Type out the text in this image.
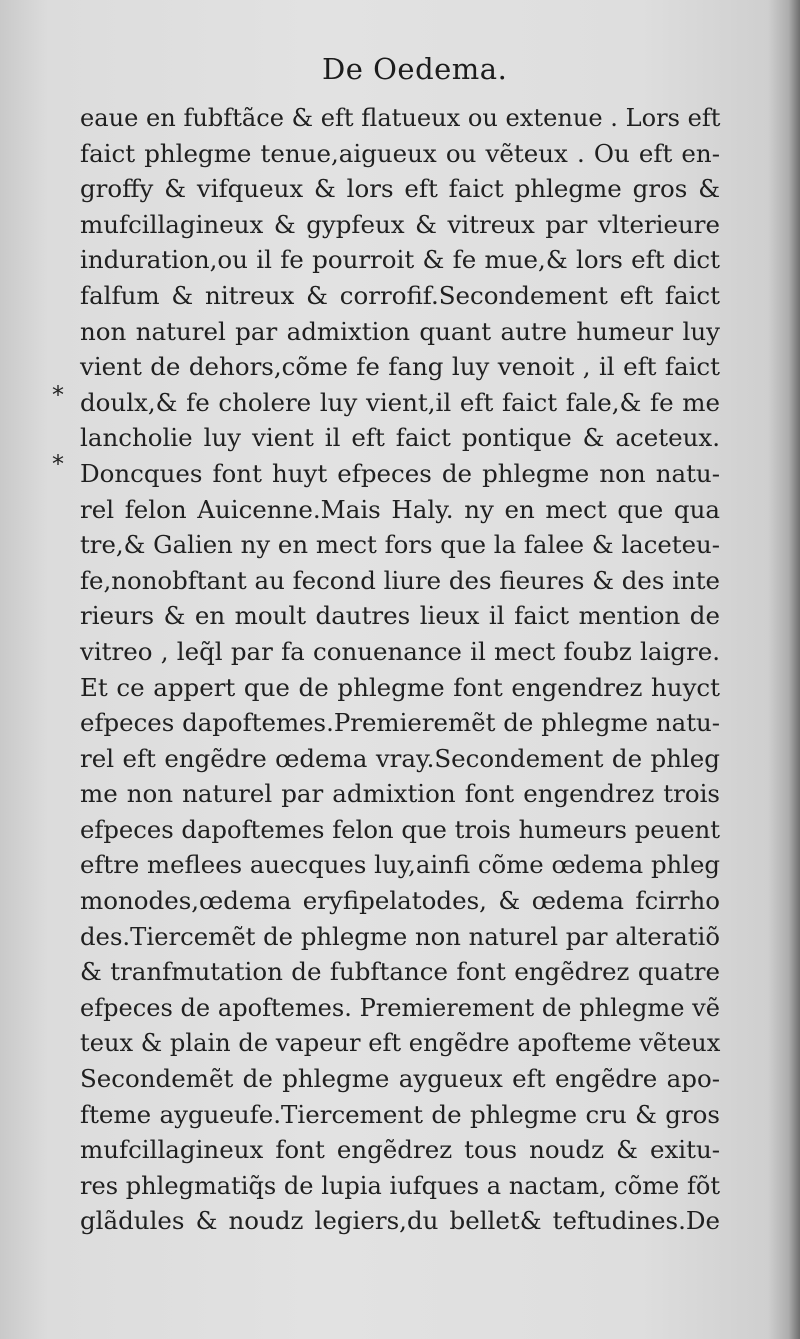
De Oedema.
*
*
eaue en fubftãce & eft flatueux ou extenue . Lors eft
faict phlegme tenue,aigueux ou vẽteux . Ou eft en-
groffy & vifqueux & lors eft faict phlegme gros &
mufcillagineux & gypfeux & vitreux par vlterieure
induration,ou il fe pourroit & fe mue,& lors eft dict
falfum & nitreux & corrofif.Secondement eft faict
non naturel par admixtion quant autre humeur luy
vient de dehors,cõme fe fang luy venoit , il eft faict
doulx,& fe cholere luy vient,il eft faict fale,& fe me
lancholie luy vient il eft faict pontique & aceteux.
Doncques font huyt efpeces de phlegme non natu-
rel felon Auicenne.Mais Haly. ny en mect que qua
tre,& Galien ny en mect fors que la falee & laceteu-
fe,nonobftant au fecond liure des fieures & des inte
rieurs & en moult dautres lieux il faict mention de
vitreo , leq̃l par fa conuenance il mect foubz laigre.
Et ce appert que de phlegme font engendrez huyct
efpeces dapoftemes.Premieremẽt de phlegme natu-
rel eft engẽdre œdema vray.Secondement de phleg
me non naturel par admixtion font engendrez trois
efpeces dapoftemes felon que trois humeurs peuent
eftre meflees auecques luy,ainfi cõme œdema phleg
monodes,œdema eryfipelatodes, & œdema fcirrho
des.Tiercemẽt de phlegme non naturel par alteratiõ
& tranfmutation de fubftance font engẽdrez quatre
efpeces de apoftemes. Premierement de phlegme vẽ
teux & plain de vapeur eft engẽdre apofteme vẽteux
Secondemẽt de phlegme aygueux eft engẽdre apo-
fteme aygueufe.Tiercement de phlegme cru & gros
mufcillagineux font engẽdrez tous noudz & exitu-
res phlegmatiq̃s de lupia iufques a nactam, cõme fõt
glãdules & noudz legiers,du bellet& teftudines.De
